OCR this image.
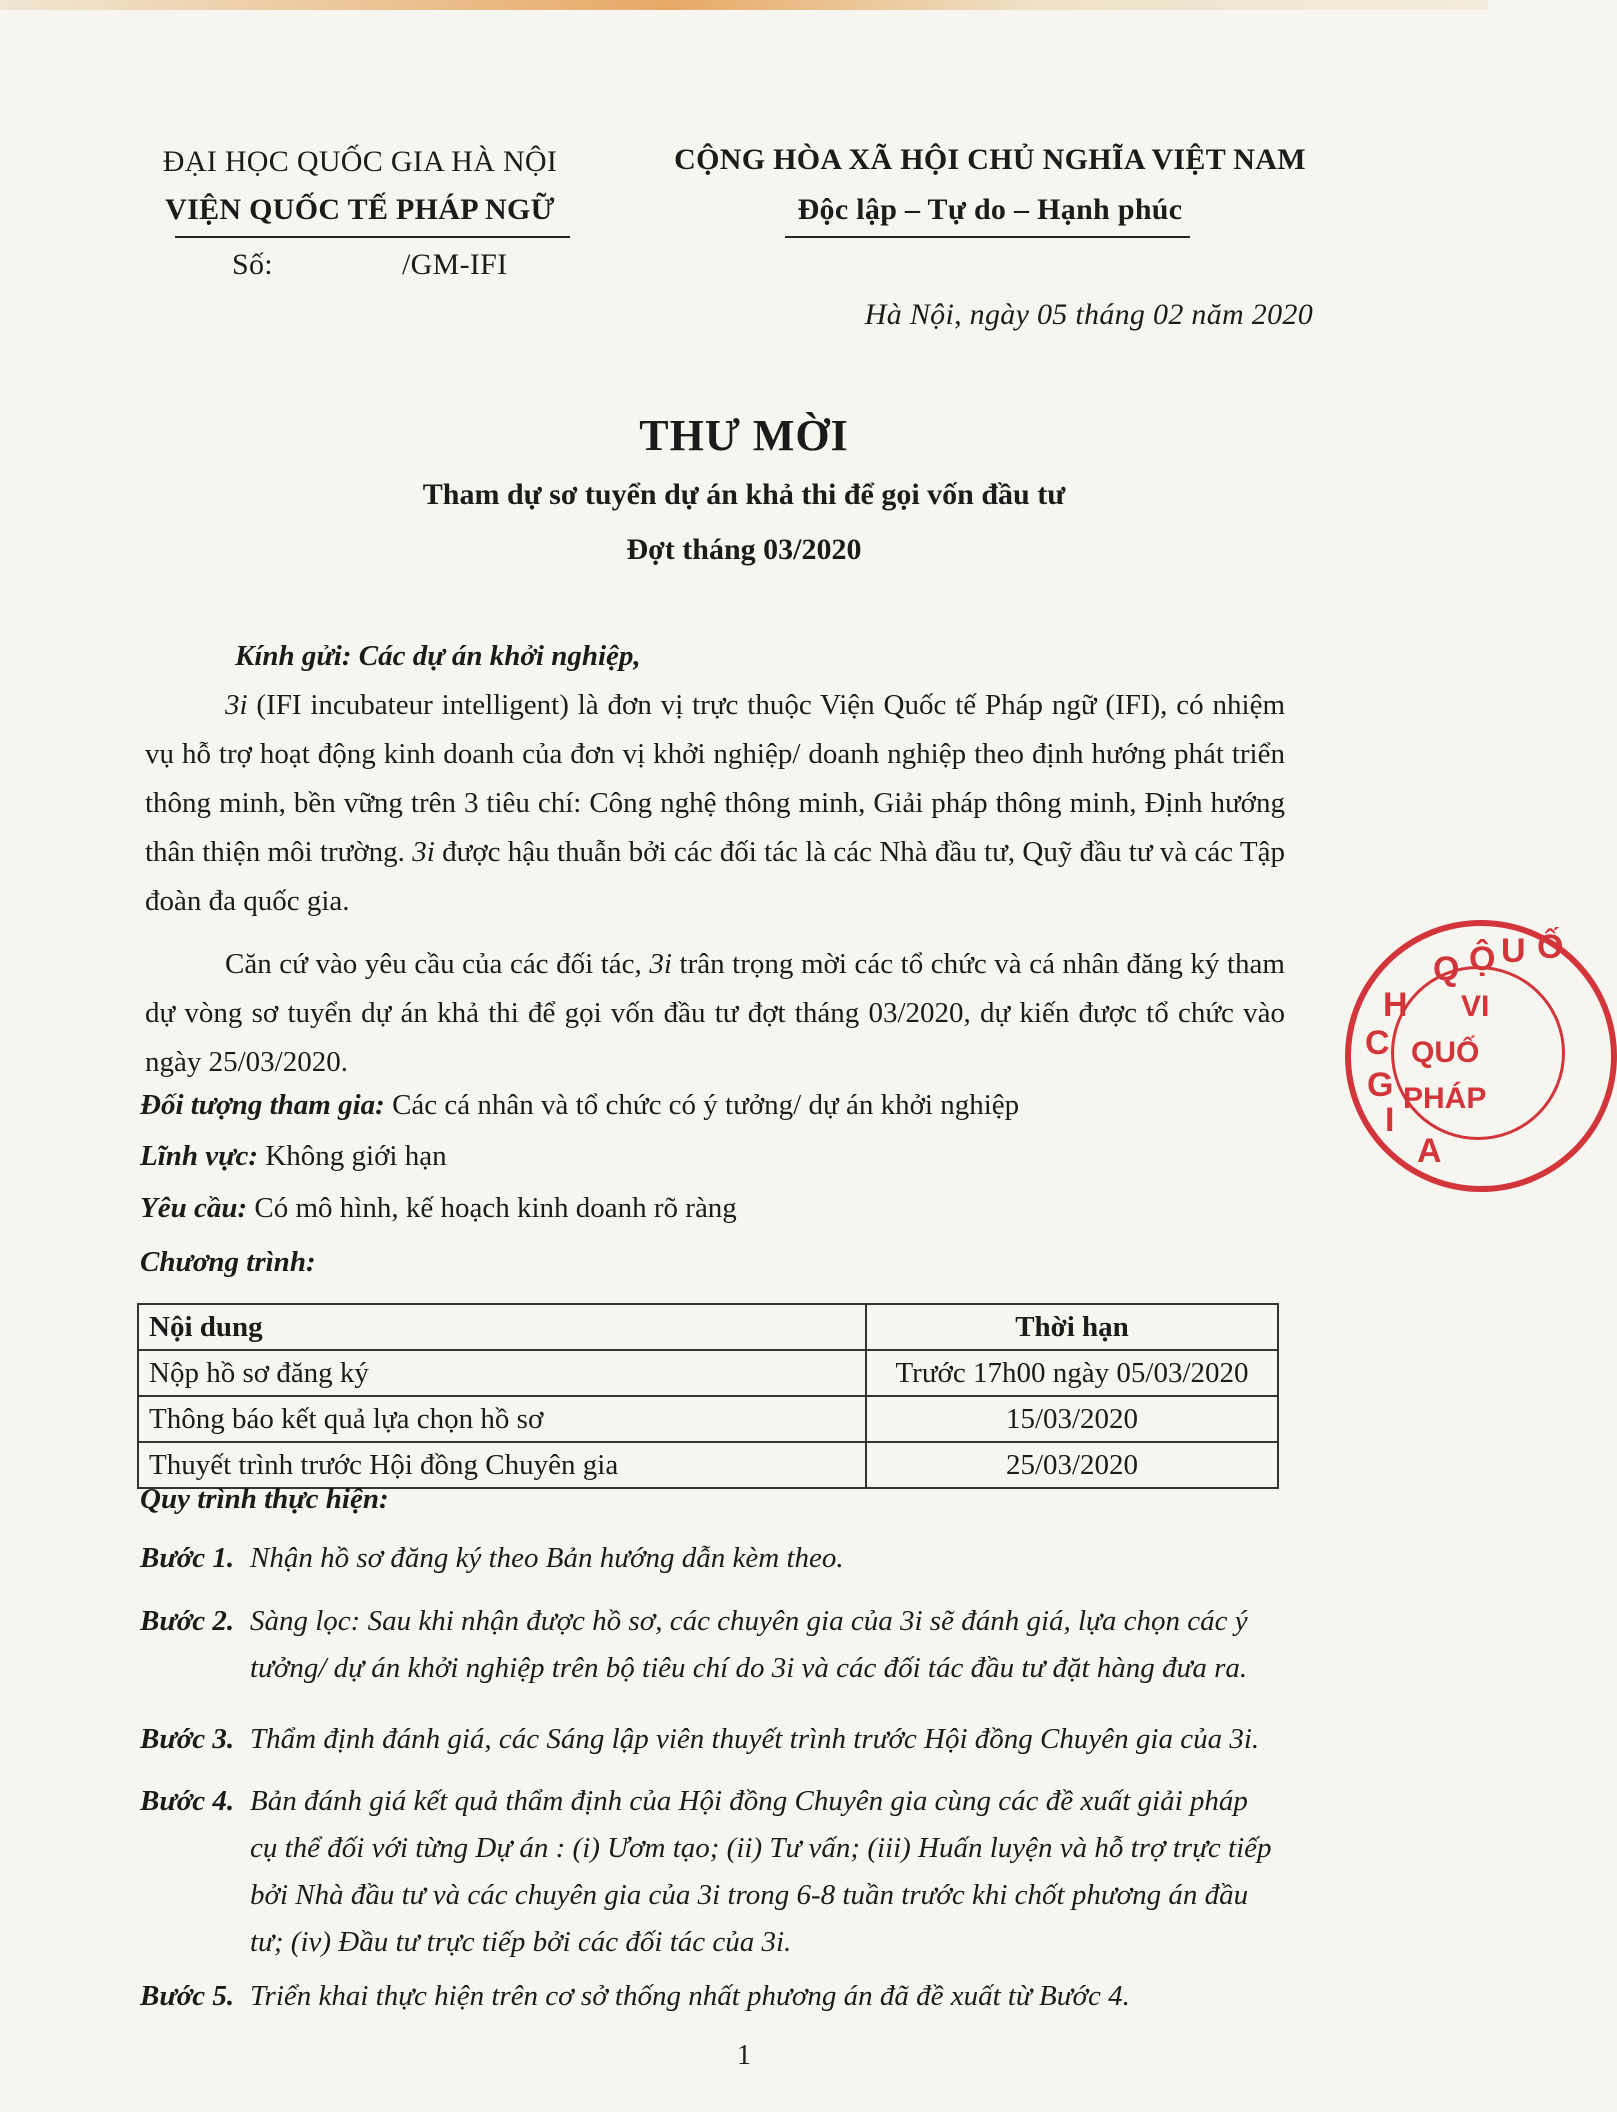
ĐẠI HỌC QUỐC GIA HÀ NỘI
VIỆN QUỐC TẾ PHÁP NGỮ
Số:	/GM-IFI
CỘNG HÒA XÃ HỘI CHỦ NGHĨA VIỆT NAM
Độc lập – Tự do – Hạnh phúc
Hà Nội, ngày 05 tháng 02 năm 2020
THƯ MỜI
Tham dự sơ tuyển dự án khả thi để gọi vốn đầu tư
Đợt tháng 03/2020
Kính gửi: Các dự án khởi nghiệp,
3i (IFI incubateur intelligent) là đơn vị trực thuộc Viện Quốc tế Pháp ngữ (IFI), có nhiệm vụ hỗ trợ hoạt động kinh doanh của đơn vị khởi nghiệp/ doanh nghiệp theo định hướng phát triển thông minh, bền vững trên 3 tiêu chí: Công nghệ thông minh, Giải pháp thông minh, Định hướng thân thiện môi trường. 3i được hậu thuẫn bởi các đối tác là các Nhà đầu tư, Quỹ đầu tư và các Tập đoàn đa quốc gia.
Căn cứ vào yêu cầu của các đối tác, 3i trân trọng mời các tổ chức và cá nhân đăng ký tham dự vòng sơ tuyển dự án khả thi để gọi vốn đầu tư đợt tháng 03/2020, dự kiến được tổ chức vào ngày 25/03/2020.
Đối tượng tham gia: Các cá nhân và tổ chức có ý tưởng/ dự án khởi nghiệp
Lĩnh vực: Không giới hạn
Yêu cầu: Có mô hình, kế hoạch kinh doanh rõ ràng
Chương trình:
Nội dung	Thời hạn
Nộp hồ sơ đăng ký	Trước 17h00 ngày 05/03/2020
Thông báo kết quả lựa chọn hồ sơ	15/03/2020
Thuyết trình trước Hội đồng Chuyên gia	25/03/2020
Quy trình thực hiện:
Bước 1. Nhận hồ sơ đăng ký theo Bản hướng dẫn kèm theo.
Bước 2. Sàng lọc: Sau khi nhận được hồ sơ, các chuyên gia của 3i sẽ đánh giá, lựa chọn các ý tưởng/ dự án khởi nghiệp trên bộ tiêu chí do 3i và các đối tác đầu tư đặt hàng đưa ra.
Bước 3. Thẩm định đánh giá, các Sáng lập viên thuyết trình trước Hội đồng Chuyên gia của 3i.
Bước 4. Bản đánh giá kết quả thẩm định của Hội đồng Chuyên gia cùng các đề xuất giải pháp cụ thể đối với từng Dự án : (i) Ươm tạo; (ii) Tư vấn; (iii) Huấn luyện và hỗ trợ trực tiếp bởi Nhà đầu tư và các chuyên gia của 3i trong 6-8 tuần trước khi chốt phương án đầu tư; (iv) Đầu tư trực tiếp bởi các đối tác của 3i.
Bước 5. Triển khai thực hiện trên cơ sở thống nhất phương án đã đề xuất từ Bước 4.
1
Ộ
Q U Ố
H
C
G
I
A
VI
QUỐ
PHÁP
